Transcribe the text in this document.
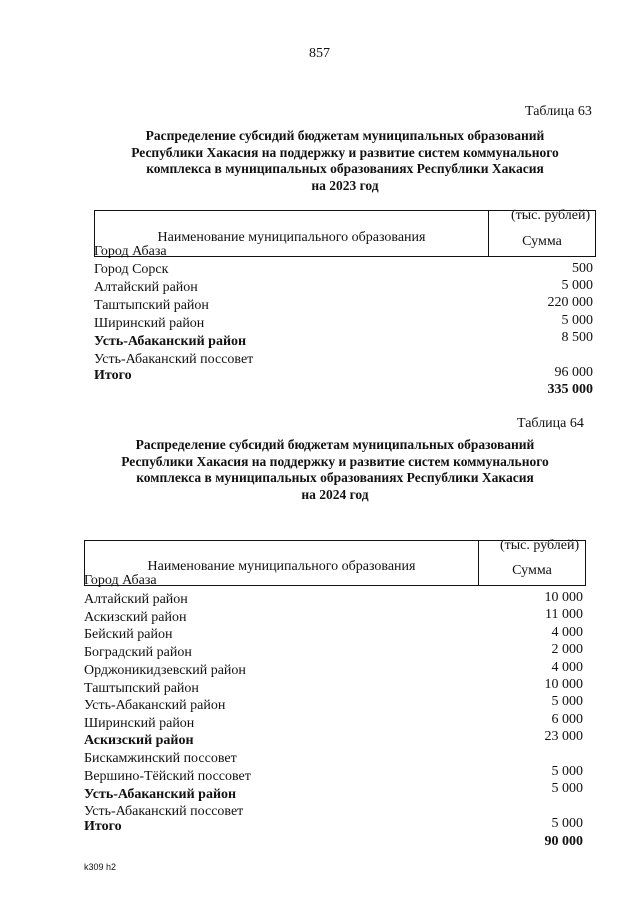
857
Таблица 63
Распределение субсидий бюджетам муниципальных образований
Республики Хакасия на поддержку и развитие систем коммунального
комплекса в муниципальных образованиях Республики Хакасия
на 2023 год
(тыс. рублей)
Наименование муниципального образования	Сумма
Город Абаза
Город Сорск
Алтайский район
Таштыпский район
Ширинский район
Усть-Абаканский район
Усть-Абаканский поссовет
Итого
500
5 000
220 000
5 000
8 500
96 000
335 000
Таблица 64
Распределение субсидий бюджетам муниципальных образований
Республики Хакасия на поддержку и развитие систем коммунального
комплекса в муниципальных образованиях Республики Хакасия
на 2024 год
(тыс. рублей)
Наименование муниципального образования	Сумма
Город Абаза
Алтайский район
Аскизский район
Бейский район
Боградский район
Орджоникидзевский район
Таштыпский район
Усть-Абаканский район
Ширинский район
Аскизский район
Бискамжинский поссовет
Вершино-Тёйский поссовет
Усть-Абаканский район
Усть-Абаканский поссовет
Итого
10 000
11 000
4 000
2 000
4 000
10 000
5 000
6 000
23 000
5 000
5 000
5 000
90 000
k309 h2
